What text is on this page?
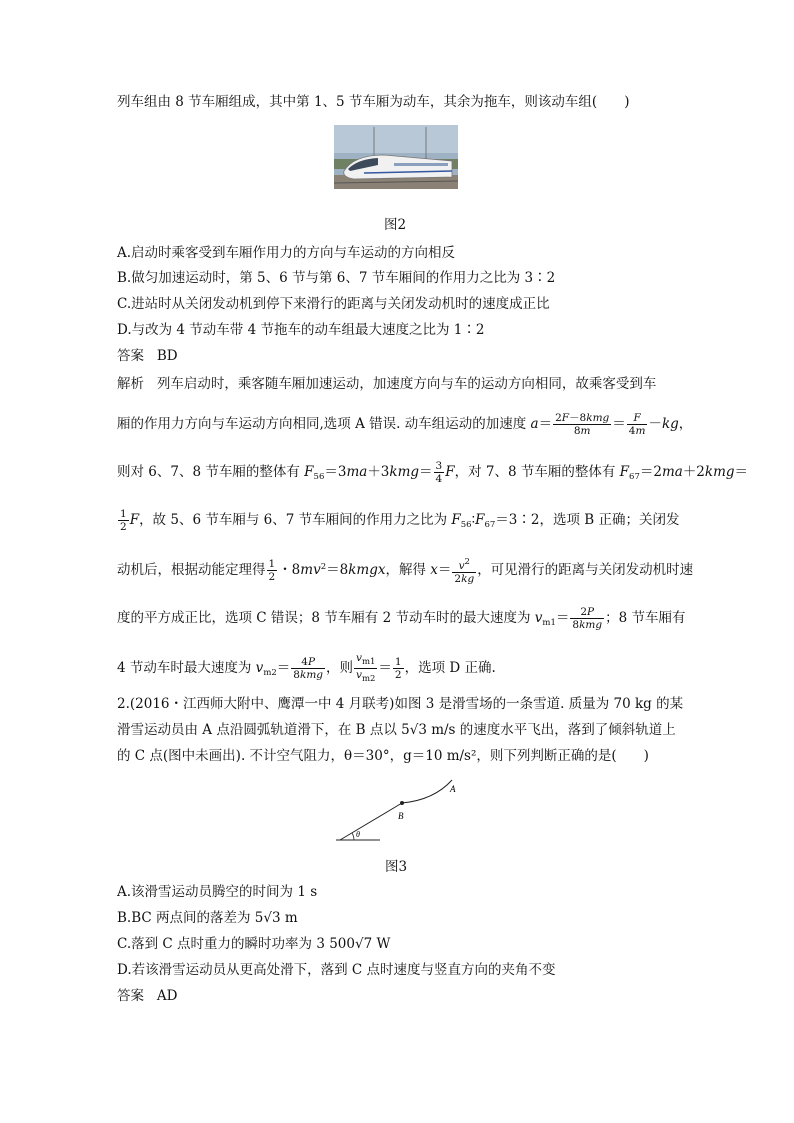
列车组由 8 节车厢组成，其中第 1、5 节车厢为动车，其余为拖车，则该动车组(　　)
图2
A.启动时乘客受到车厢作用力的方向与车运动的方向相反
B.做匀加速运动时，第 5、6 节与第 6、7 节车厢间的作用力之比为 3∶2
C.进站时从关闭发动机到停下来滑行的距离与关闭发动机时的速度成正比
D.与改为 4 节动车带 4 节拖车的动车组最大速度之比为 1∶2
答案 BD
解析 列车启动时，乘客随车厢加速运动，加速度方向与车的运动方向相同，故乘客受到车
厢的作用力方向与车运动方向相同,选项 A 错误. 动车组运动的加速度 $a= \frac{\text{2F－8kmg}}{8m} = \frac{F}{4m} -kg$，
则对 6、7、8 节车厢的整体有 $F_{56}=3ma+3kmg= \frac{3}{4}$ F，对 7、8 节车厢的整体有 $F_{67}=2ma+2kmg=$
$\frac{1}{2}$ F，故 5、6 节车厢与 6、7 节车厢间的作用力之比为 $F_{56}∶F_{67}=3∶2$，选项 B 正确；关闭发
动机后，根据动能定理得 $\frac{1}{2}$ ・$8mv^2=8kmgx$，解得 $x= \frac{v^2}{2kg}$ ，可见滑行的距离与关闭发动机时速
度的平方成正比，选项 C 错误；8 节车厢有 2 节动车时的最大速度为 $v_{m1}= \frac{2P}{\text{8kmg}}$ ；8 节车厢有
4 节动车时最大速度为 $v_{m2}= \frac{4P}{\text{8kmg}}$ ，则 $\frac{v_{m1}}{v_{m2}} = \frac{1}{2}$ ，选项 D 正确.
2.(2016・江西师大附中、鹰潭一中 4 月联考)如图 3 是滑雪场的一条雪道. 质量为 70 kg 的某
滑雪运动员由 A 点沿圆弧轨道滑下，在 B 点以 5√3 m/s 的速度水平飞出，落到了倾斜轨道上
的 C 点(图中未画出). 不计空气阻力，θ＝30°，g＝10 m/s²，则下列判断正确的是(　　)
A
B
θ
图3
A.该滑雪运动员腾空的时间为 1 s
B.BC 两点间的落差为 5√3 m
C.落到 C 点时重力的瞬时功率为 3 500√7 W
D.若该滑雪运动员从更高处滑下，落到 C 点时速度与竖直方向的夹角不变
答案 AD
